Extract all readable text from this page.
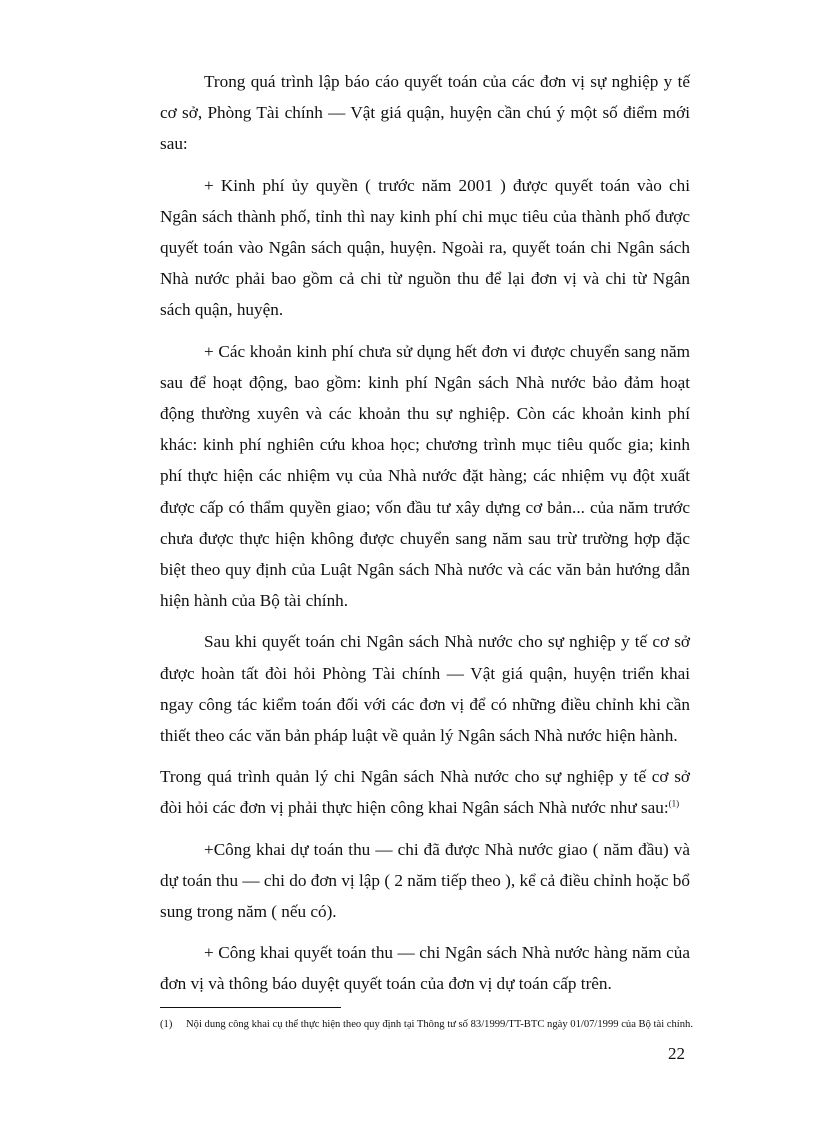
Trong quá trình lập báo cáo quyết toán của các đơn vị sự nghiệp y tế cơ sở, Phòng Tài chính — Vật giá quận, huyện cần chú ý một số điểm mới sau:

+ Kinh phí ủy quyền ( trước năm 2001 ) được quyết toán vào chi Ngân sách thành phố, tỉnh thì nay kinh phí chi mục tiêu của thành phố được quyết toán vào Ngân sách quận, huyện. Ngoài ra, quyết toán chi Ngân sách Nhà nước phải bao gồm cả chi từ nguồn thu để lại đơn vị và chi từ Ngân sách quận, huyện.

+ Các khoản kinh phí chưa sử dụng hết đơn vi được chuyển sang năm sau để hoạt động, bao gồm: kinh phí Ngân sách Nhà nước bảo đảm hoạt động thường xuyên và các khoản thu sự nghiệp. Còn các khoản kinh phí khác: kinh phí nghiên cứu khoa học; chương trình mục tiêu quốc gia; kinh phí thực hiện các nhiệm vụ của Nhà nước đặt hàng; các nhiệm vụ đột xuất được cấp có thẩm quyền giao; vốn đầu tư xây dựng cơ bản... của năm trước chưa được thực hiện không được chuyển sang năm sau trừ trường hợp đặc biệt theo quy định của Luật Ngân sách Nhà nước và các văn bản hướng dẫn hiện hành của Bộ tài chính.

Sau khi quyết toán chi Ngân sách Nhà nước cho sự nghiệp y tế cơ sở được hoàn tất đòi hỏi Phòng Tài chính — Vật giá quận, huyện triển khai ngay công tác kiểm toán đối với các đơn vị để có những điều chỉnh khi cần thiết theo các văn bản pháp luật về quản lý Ngân sách Nhà nước hiện hành.

Trong quá trình quản lý chi Ngân sách Nhà nước cho sự nghiệp y tế cơ sở đòi hỏi các đơn vị phải thực hiện công khai Ngân sách Nhà nước như sau:$^{(1)}$

+Công khai dự toán thu — chi đã được Nhà nước giao ( năm đầu) và dự toán thu — chi do đơn vị lập ( 2 năm tiếp theo ), kể cả điều chỉnh hoặc bổ sung trong năm ( nếu có).

+ Công khai quyết toán thu — chi Ngân sách Nhà nước hàng năm của đơn vị và thông báo duyệt quyết toán của đơn vị dự toán cấp trên.

(1) Nội dung công khai cụ thể thực hiện theo quy định tại Thông tư số 83/1999/TT-BTC ngày 01/07/1999 của Bộ tài chính.
22
